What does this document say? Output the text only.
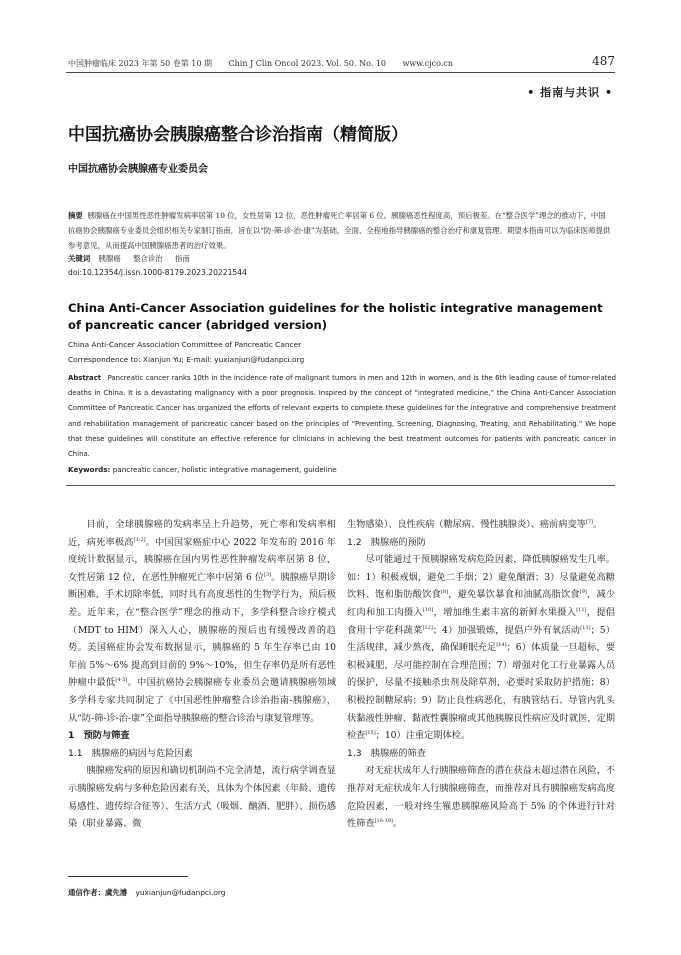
中国肿瘤临床 2023 年第 50 卷第 10 期 Chin J Clin Oncol 2023. Vol. 50. No. 10 www.cjco.cn	487
• 指南与共识 •
中国抗癌协会胰腺癌整合诊治指南（精简版）
中国抗癌协会胰腺癌专业委员会
摘要 胰腺癌在中国男性恶性肿瘤发病率居第 10 位，女性居第 12 位，恶性肿瘤死亡率居第 6 位。胰腺癌恶性程度高，预后极差。在“整合医学”理念的推动下，中国抗癌协会胰腺癌专业委员会组织相关专家制订指南，旨在以“防-筛-诊-治-康”为基础，全面、全程地指导胰腺癌的整合治疗和康复管理。期望本指南可以为临床医师提供参考意见，从而提高中国胰腺癌患者的治疗效果。
关键词 胰腺癌 整合诊治 指南
doi:10.12354/j.issn.1000-8179.2023.20221544
China Anti-Cancer Association guidelines for the holistic integrative management of pancreatic cancer (abridged version)
China Anti-Cancer Association Committee of Pancreatic Cancer
Correspondence to: Xianjun Yu; E-mail: yuxianjun@fudanpci.org
Abstract Pancreatic cancer ranks 10th in the incidence rate of malignant tumors in men and 12th in women, and is the 6th leading cause of tumor-related deaths in China. It is a devastating malignancy with a poor prognosis. Inspired by the concept of “integrated medicine,” the China Anti-Cancer Association Committee of Pancreatic Cancer has organized the efforts of relevant experts to complete these guidelines for the integrative and comprehensive treatment and rehabilitation management of pancreatic cancer based on the principles of “Preventing, Screening, Diagnosing, Treating, and Rehabilitating.” We hope that these guidelines will constitute an effective reference for clinicians in achieving the best treatment outcomes for patients with pancreatic cancer in China.
Keywords: pancreatic cancer, holistic integrative management, guideline

目前，全球胰腺癌的发病率呈上升趋势，死亡率和发病率相近，病死率极高[1-2]。中国国家癌症中心 2022 年发布的 2016 年度统计数据显示，胰腺癌在国内男性恶性肿瘤发病率居第 8 位，女性居第 12 位，在恶性肿瘤死亡率中居第 6 位[3]。胰腺癌早期诊断困难，手术切除率低，同时具有高度恶性的生物学行为，预后极差。近年来，在“整合医学”理念的推动下，多学科整合诊疗模式（MDT to HIM）深入人心，胰腺癌的预后也有缓慢改善的趋势。美国癌症协会发布数据显示，胰腺癌的 5 年生存率已由 10 年前 5%～6% 提高到目前的 9%～10%，但生存率仍是所有恶性肿瘤中最低[4-5]。中国抗癌协会胰腺癌专业委员会邀请胰腺癌领域多学科专家共同制定了《中国恶性肿瘤整合诊治指南-胰腺癌》，从“防-筛-诊-治-康”全面指导胰腺癌的整合诊治与康复管理等。

1　预防与筛查

1.1　胰腺癌的病因与危险因素

胰腺癌发病的原因和确切机制尚不完全清楚，流行病学调查显示胰腺癌发病与多种危险因素有关，具体为个体因素（年龄、遗传易感性、遗传综合征等）、生活方式（吸烟、酗酒、肥胖）、损伤感染（职业暴露、微

生物感染）、良性疾病（糖尿病、慢性胰腺炎）、癌前病变等[7]。

1.2　胰腺癌的预防

尽可能通过干预胰腺癌发病危险因素，降低胰腺癌发生几率。如：1）积极戒烟，避免二手烟；2）避免酗酒；3）尽量避免高糖饮料、饱和脂肪酸饮食[8]，避免暴饮暴食和油腻高脂饮食[9]，减少红肉和加工肉摄入[10]，增加维生素丰富的新鲜水果摄入[11]，提倡食用十字花科蔬菜[12]；4）加强锻炼，提倡户外有氧活动[13]；5）生活规律，减少熬夜，确保睡眠充足[14]；6）体质量一旦超标，要积极减肥，尽可能控制在合理范围；7）增强对化工行业暴露人员的保护，尽量不接触杀虫剂及除草剂，必要时采取防护措施；8）积极控制糖尿病；9）防止良性病恶化，有胰管结石、导管内乳头状黏液性肿瘤、黏液性囊腺瘤或其他胰腺良性病应及时就医，定期检查[15]；10）注重定期体检。

1.3　胰腺癌的筛查

对无症状成年人行胰腺癌筛查的潜在获益未超过潜在风险，不推荐对无症状成年人行胰腺癌筛查，而推荐对具有胰腺癌发病高度危险因素，一般对终生罹患胰腺癌风险高于 5% 的个体进行针对性筛查[16-19]。

通信作者：虞先濬 yuxianjun@fudanpci.org
